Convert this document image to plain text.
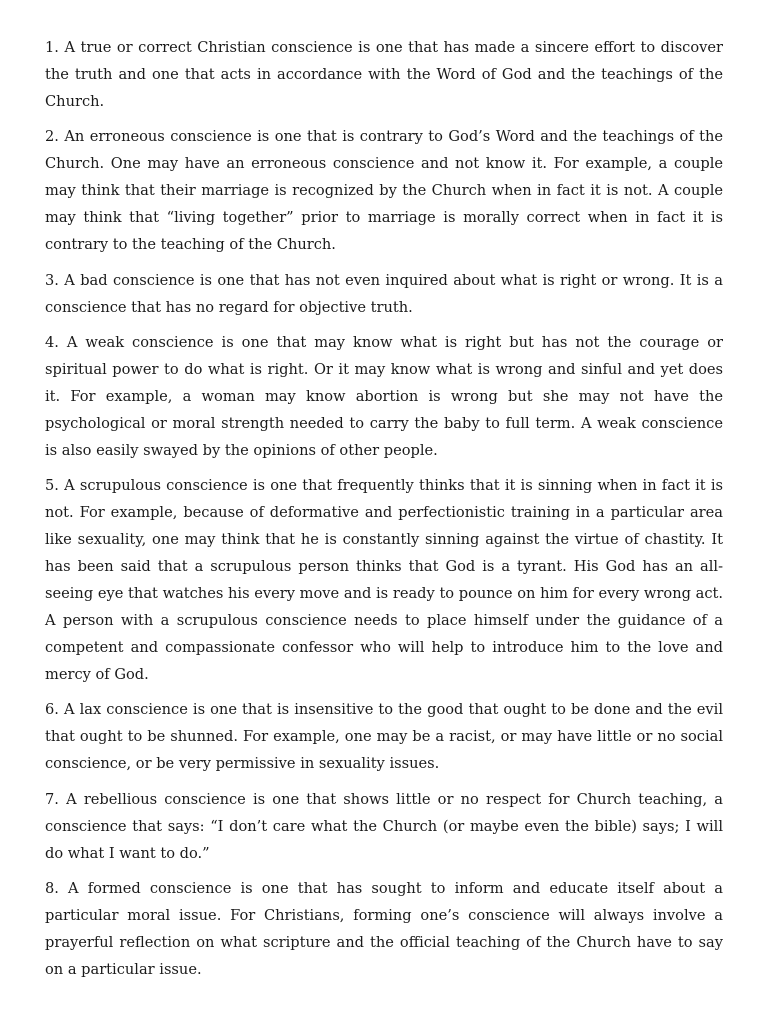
1. A true or correct Christian conscience is one that has made a sincere effort to discover the truth and one that acts in accordance with the Word of God and the teachings of the Church.

2. An erroneous conscience is one that is contrary to God’s Word and the teachings of the Church. One may have an erroneous conscience and not know it. For example, a couple may think that their marriage is recognized by the Church when in fact it is not. A couple may think that “living together” prior to marriage is morally correct when in fact it is contrary to the teaching of the Church.

3. A bad conscience is one that has not even inquired about what is right or wrong. It is a conscience that has no regard for objective truth.

4. A weak conscience is one that may know what is right but has not the courage or spiritual power to do what is right. Or it may know what is wrong and sinful and yet does it. For example, a woman may know abortion is wrong but she may not have the psychological or moral strength needed to carry the baby to full term. A weak conscience is also easily swayed by the opinions of other people.

5. A scrupulous conscience is one that frequently thinks that it is sinning when in fact it is not. For example, because of deformative and perfectionistic training in a particular area like sexuality, one may think that he is constantly sinning against the virtue of chastity. It has been said that a scrupulous person thinks that God is a tyrant. His God has an all-seeing eye that watches his every move and is ready to pounce on him for every wrong act. A person with a scrupulous conscience needs to place himself under the guidance of a competent and compassionate confessor who will help to introduce him to the love and mercy of God.

6. A lax conscience is one that is insensitive to the good that ought to be done and the evil that ought to be shunned. For example, one may be a racist, or may have little or no social conscience, or be very permissive in sexuality issues.

7. A rebellious conscience is one that shows little or no respect for Church teaching, a conscience that says: “I don’t care what the Church (or maybe even the bible) says; I will do what I want to do.”

8. A formed conscience is one that has sought to inform and educate itself about a particular moral issue. For Christians, forming one’s conscience will always involve a prayerful reflection on what scripture and the official teaching of the Church have to say on a particular issue.
